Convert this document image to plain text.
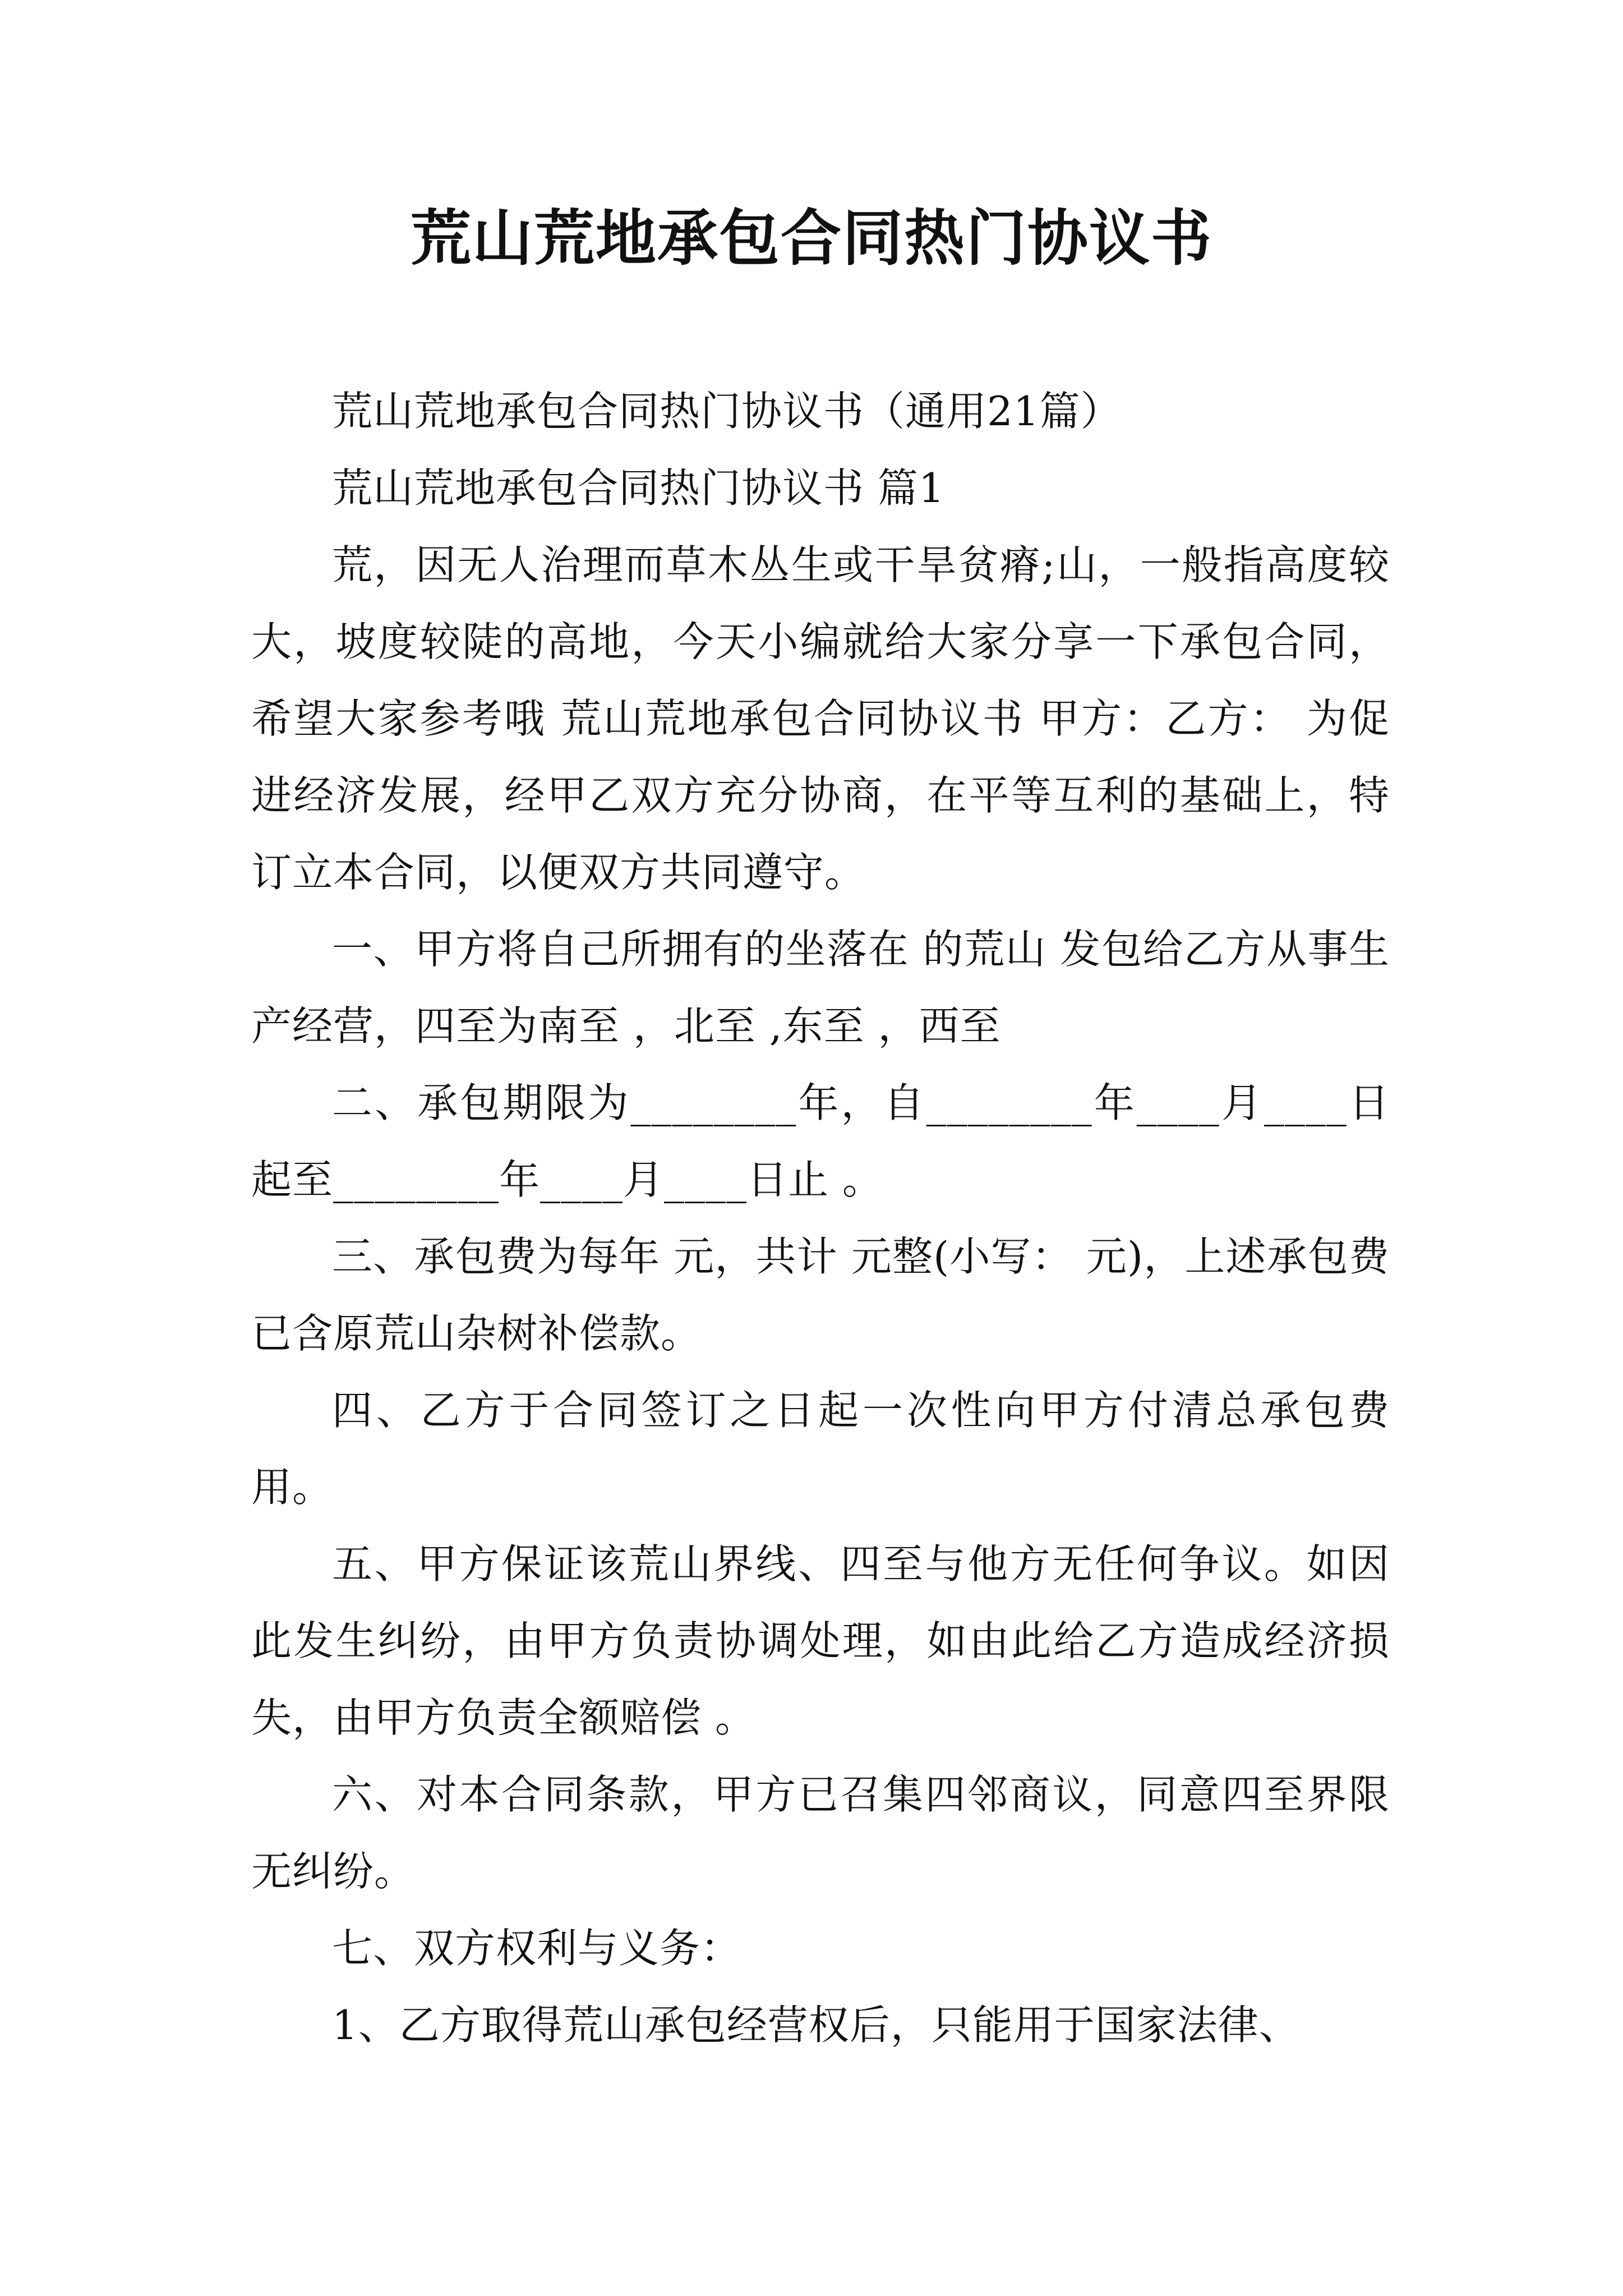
荒山荒地承包合同热门协议书

荒山荒地承包合同热门协议书（通用21篇）

荒山荒地承包合同热门协议书 篇1

荒，因无人治理而草木丛生或干旱贫瘠;山，一般指高度较大，坡度较陡的高地，今天小编就给大家分享一下承包合同，希望大家参考哦 荒山荒地承包合同协议书 甲方：乙方： 为促进经济发展，经甲乙双方充分协商，在平等互利的基础上，特订立本合同，以便双方共同遵守。

一、甲方将自己所拥有的坐落在 的荒山 发包给乙方从事生产经营，四至为南至 ，北至 ,东至 ，西至

二、承包期限为________年，自________年____月____日起至________年____月____日止 。

三、承包费为每年 元，共计 元整(小写： 元)，上述承包费已含原荒山杂树补偿款。

四、乙方于合同签订之日起一次性向甲方付清总承包费用。

五、甲方保证该荒山界线、四至与他方无任何争议。如因此发生纠纷，由甲方负责协调处理，如由此给乙方造成经济损失，由甲方负责全额赔偿 。

六、对本合同条款，甲方已召集四邻商议，同意四至界限无纠纷。

七、双方权利与义务：

1、乙方取得荒山承包经营权后，只能用于国家法律、
